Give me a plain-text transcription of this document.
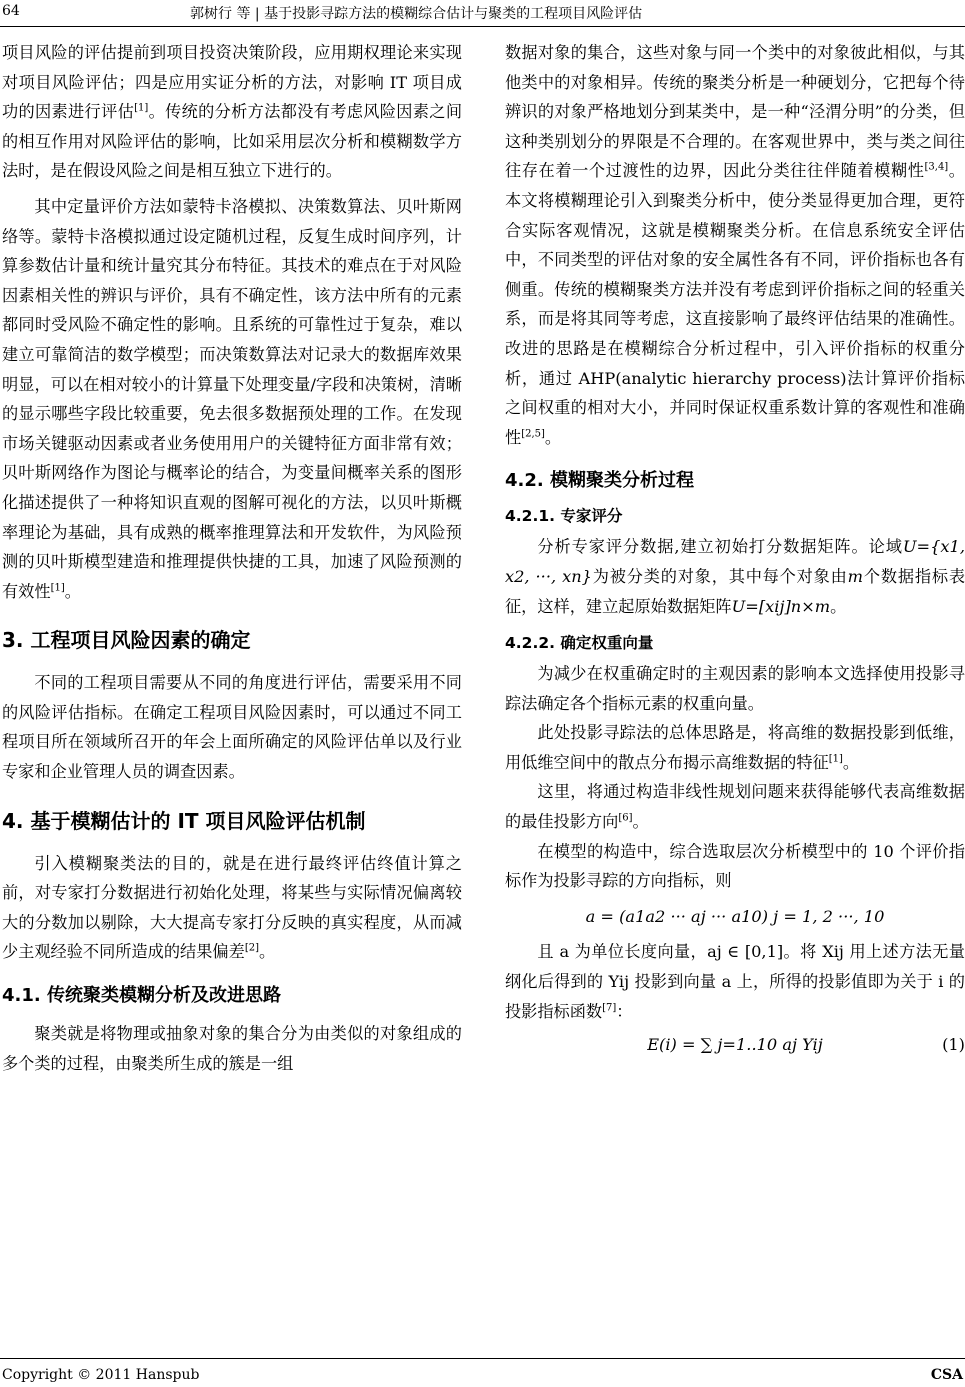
64	郭树行 等 | 基于投影寻踪方法的模糊综合估计与聚类的工程项目风险评估

项目风险的评估提前到项目投资决策阶段，应用期权理论来实现对项目风险评估；四是应用实证分析的方法，对影响 IT 项目成功的因素进行评估[1]。传统的分析方法都没有考虑风险因素之间的相互作用对风险评估的影响，比如采用层次分析和模糊数学方法时，是在假设风险之间是相互独立下进行的。

其中定量评价方法如蒙特卡洛模拟、决策数算法、贝叶斯网络等。蒙特卡洛模拟通过设定随机过程，反复生成时间序列，计算参数估计量和统计量究其分布特征。其技术的难点在于对风险因素相关性的辨识与评价，具有不确定性，该方法中所有的元素都同时受风险不确定性的影响。且系统的可靠性过于复杂，难以建立可靠简洁的数学模型；而决策数算法对记录大的数据库效果明显，可以在相对较小的计算量下处理变量/字段和决策树，清晰的显示哪些字段比较重要，免去很多数据预处理的工作。在发现市场关键驱动因素或者业务使用用户的关键特征方面非常有效；贝叶斯网络作为图论与概率论的结合，为变量间概率关系的图形化描述提供了一种将知识直观的图解可视化的方法，以贝叶斯概率理论为基础，具有成熟的概率推理算法和开发软件，为风险预测的贝叶斯模型建造和推理提供快捷的工具，加速了风险预测的有效性[1]。

3. 工程项目风险因素的确定

不同的工程项目需要从不同的角度进行评估，需要采用不同的风险评估指标。在确定工程项目风险因素时，可以通过不同工程项目所在领域所召开的年会上面所确定的风险评估单以及行业专家和企业管理人员的调查因素。

4. 基于模糊估计的 IT 项目风险评估机制

引入模糊聚类法的目的，就是在进行最终评估终值计算之前，对专家打分数据进行初始化处理，将某些与实际情况偏离较大的分数加以剔除，大大提高专家打分反映的真实程度，从而减少主观经验不同所造成的结果偏差[2]。

4.1. 传统聚类模糊分析及改进思路

聚类就是将物理或抽象对象的集合分为由类似的对象组成的多个类的过程，由聚类所生成的簇是一组

数据对象的集合，这些对象与同一个类中的对象彼此相似，与其他类中的对象相异。传统的聚类分析是一种硬划分，它把每个待辨识的对象严格地划分到某类中，是一种“泾渭分明”的分类，但这种类别划分的界限是不合理的。在客观世界中，类与类之间往往存在着一个过渡性的边界，因此分类往往伴随着模糊性[3,4]。本文将模糊理论引入到聚类分析中，使分类显得更加合理，更符合实际客观情况，这就是模糊聚类分析。在信息系统安全评估中，不同类型的评估对象的安全属性各有不同，评价指标也各有侧重。传统的模糊聚类方法并没有考虑到评价指标之间的轻重关系，而是将其同等考虑，这直接影响了最终评估结果的准确性。改进的思路是在模糊综合分析过程中，引入评价指标的权重分析，通过 AHP(analytic hierarchy process)法计算评价指标之间权重的相对大小，并同时保证权重系数计算的客观性和准确性[2,5]。

4.2. 模糊聚类分析过程
4.2.1. 专家评分

分析专家评分数据,建立初始打分数据矩阵。论域U={x1, x2, ···, xn}为被分类的对象，其中每个对象由m个数据指标表征，这样，建立起原始数据矩阵U=[xij]n×m。

4.2.2. 确定权重向量

为减少在权重确定时的主观因素的影响本文选择使用投影寻踪法确定各个指标元素的权重向量。

此处投影寻踪法的总体思路是，将高维的数据投影到低维，用低维空间中的散点分布揭示高维数据的特征[1]。

这里，将通过构造非线性规划问题来获得能够代表高维数据的最佳投影方向[6]。

在模型的构造中，综合选取层次分析模型中的 10 个评价指标作为投影寻踪的方向指标，则

a = (a1a2 ··· aj ··· a10) j = 1, 2 ···, 10

且 a 为单位长度向量，aj ∈ [0,1]。将 Xij 用上述方法无量纲化后得到的 Yij 投影到向量 a 上，所得的投影值即为关于 i 的投影指标函数[7]：

E(i) = ∑ j=1..10 aj Yij	(1)
Copyright © 2011 Hanspub	CSA
